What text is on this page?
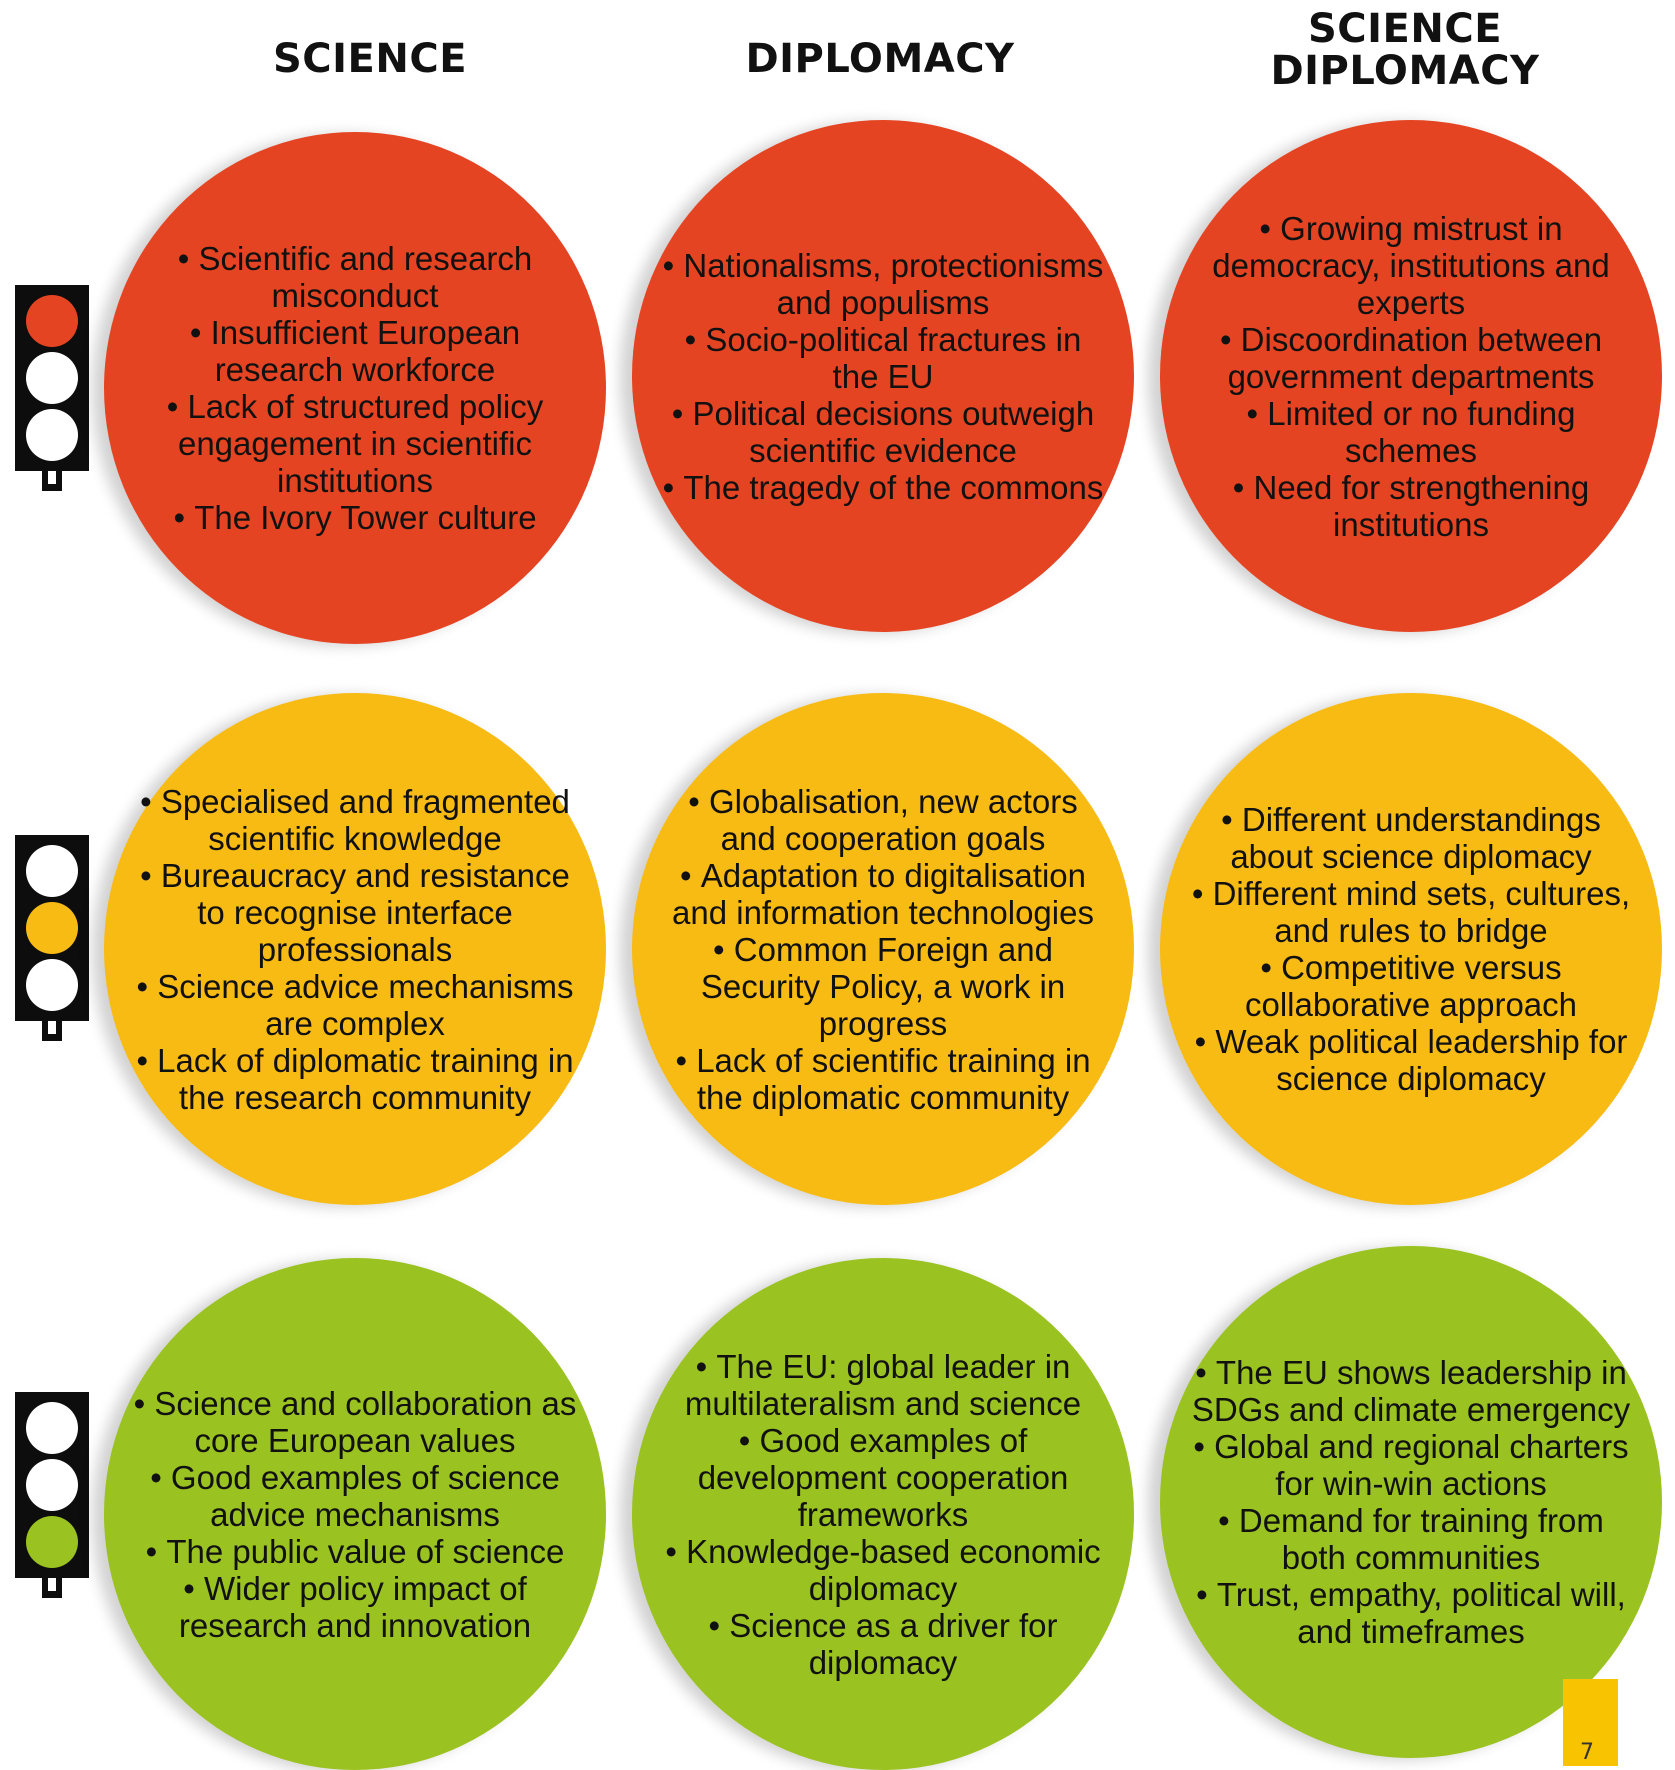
SCIENCE	DIPLOMACY
SCIENCE
DIPLOMACY
• Scientific and research misconduct
• Insufficient European research workforce
• Lack of structured policy engagement in scientific institutions
• The Ivory Tower culture
• Nationalisms, protectionisms and populisms
• Socio-political fractures in the EU
• Political decisions outweigh scientific evidence
• The tragedy of the commons
• Growing mistrust in democracy, institutions and experts
• Discoordination between government departments
• Limited or no funding schemes
• Need for strengthening institutions
• Specialised and fragmented scientific knowledge
• Bureaucracy and resistance to recognise interface professionals
• Science advice mechanisms are complex
• Lack of diplomatic training in the research community
• Globalisation, new actors and cooperation goals
• Adaptation to digitalisation and information technologies
• Common Foreign and Security Policy, a work in progress
• Lack of scientific training in the diplomatic community
• Different understandings about science diplomacy
• Different mind sets, cultures, and rules to bridge
• Competitive versus collaborative approach
• Weak political leadership for science diplomacy
• Science and collaboration as core European values
• Good examples of science advice mechanisms
• The public value of science
• Wider policy impact of research and innovation
• The EU: global leader in multilateralism and science
• Good examples of development cooperation frameworks
• Knowledge-based economic diplomacy
• Science as a driver for diplomacy
• The EU shows leadership in SDGs and climate emergency
• Global and regional charters for win-win actions
• Demand for training from both communities
• Trust, empathy, political will, and timeframes
7
